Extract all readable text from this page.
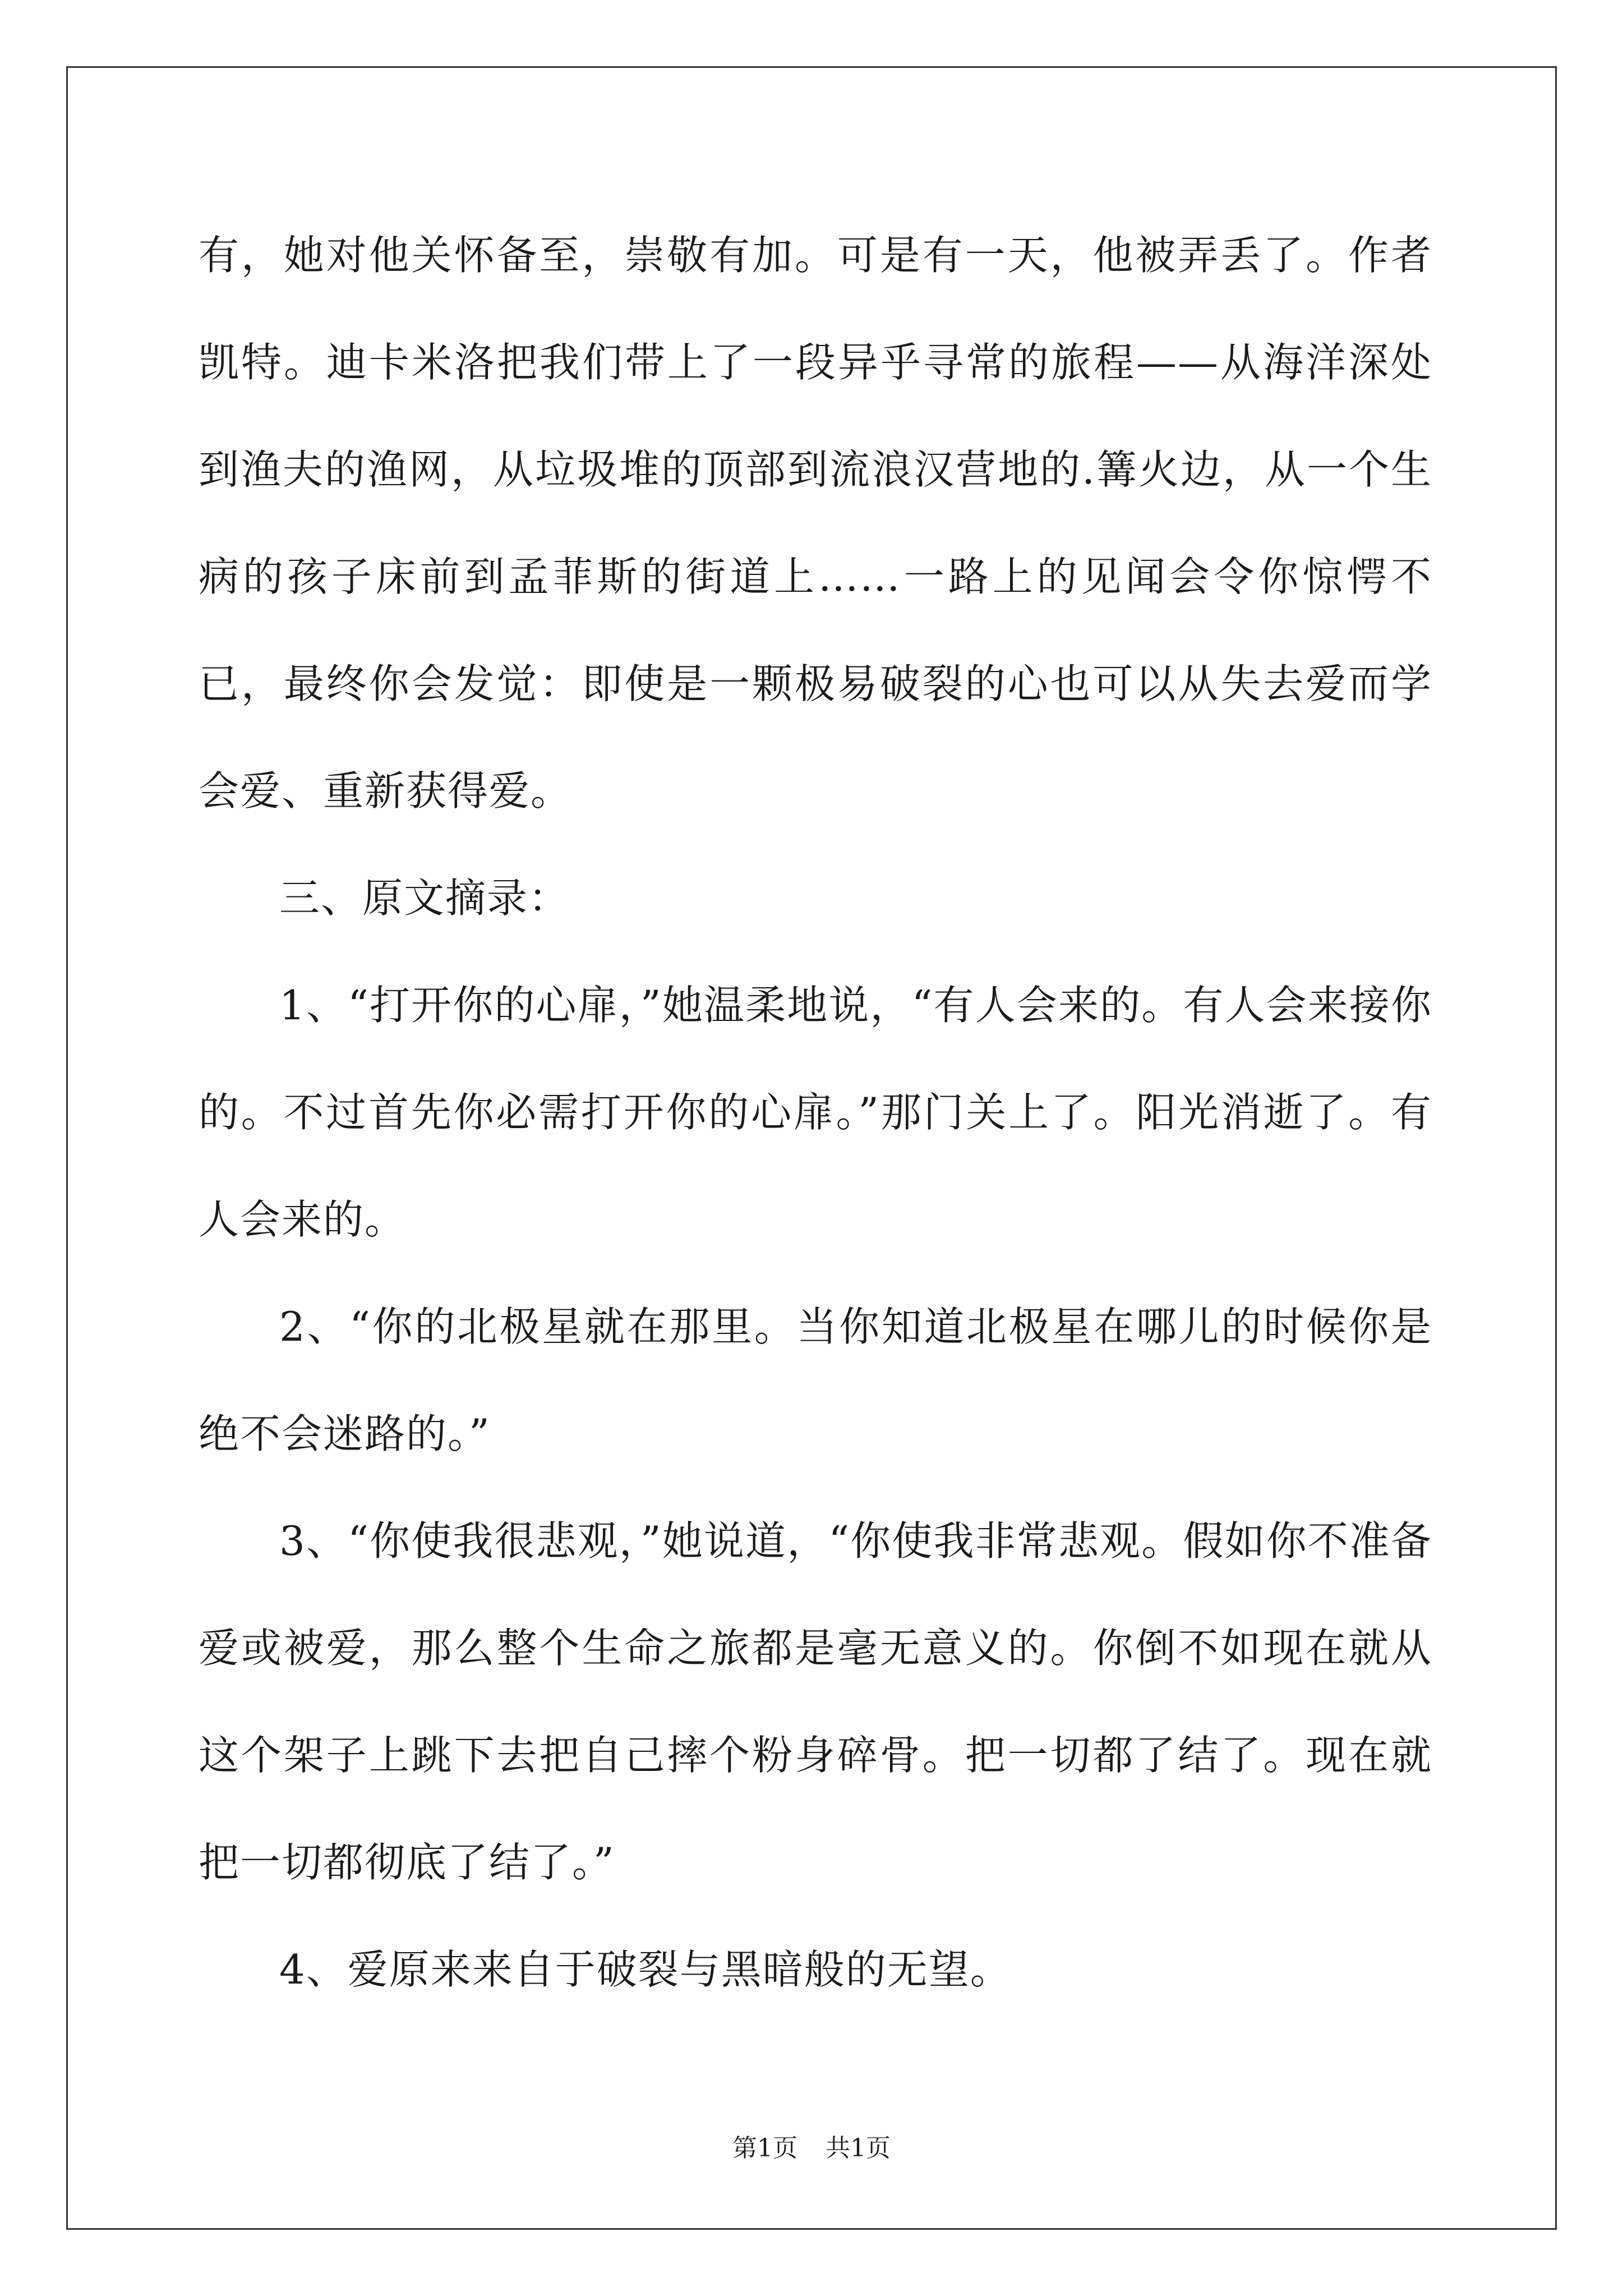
有，她对他关怀备至，崇敬有加。可是有一天，他被弄丢了。作者凯特。迪卡米洛把我们带上了一段异乎寻常的旅程——从海洋深处到渔夫的渔网，从垃圾堆的顶部到流浪汉营地的.篝火边，从一个生病的孩子床前到孟菲斯的街道上……一路上的见闻会令你惊愕不已，最终你会发觉：即使是一颗极易破裂的心也可以从失去爱而学会爱、重新获得爱。

三、原文摘录：

1、“打开你的心扉，”她温柔地说，“有人会来的。有人会来接你的。不过首先你必需打开你的心扉。”那门关上了。阳光消逝了。有人会来的。

2、“你的北极星就在那里。当你知道北极星在哪儿的时候你是绝不会迷路的。”

3、“你使我很悲观，”她说道，“你使我非常悲观。假如你不准备爱或被爱，那么整个生命之旅都是毫无意义的。你倒不如现在就从这个架子上跳下去把自己摔个粉身碎骨。把一切都了结了。现在就把一切都彻底了结了。”

4、爱原来来自于破裂与黑暗般的无望。

第1页 共1页
